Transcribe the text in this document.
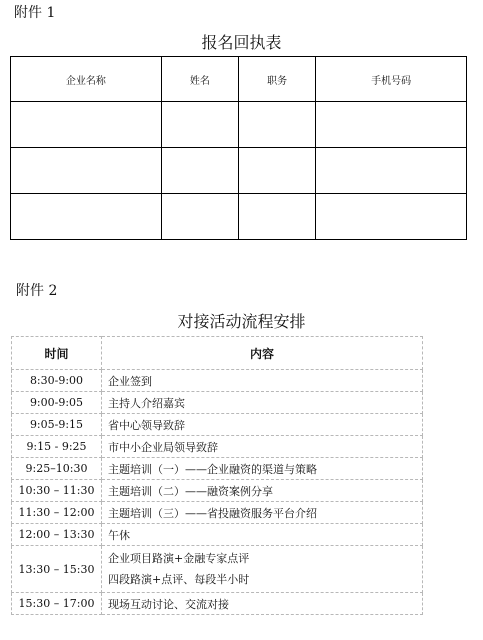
附件 1
报名回执表
企业名称	姓名	职务	手机号码

附件 2
对接活动流程安排
时间	内容
8:30-9:00	企业签到

9:00-9:05	主持人介绍嘉宾

9:05-9:15	省中心领导致辞

9:15 - 9:25	市中小企业局领导致辞

9:25–10:30	主题培训（一）——企业融资的渠道与策略

10:30 – 11:30	主题培训（二）——融资案例分享

11:30 – 12:00	主题培训（三）——省投融资服务平台介绍

12:00 – 13:30	午休

13:30 – 15:30	企业项目路演+金融专家点评
四段路演+点评、每段半小时

15:30 – 17:00	现场互动讨论、交流对接
